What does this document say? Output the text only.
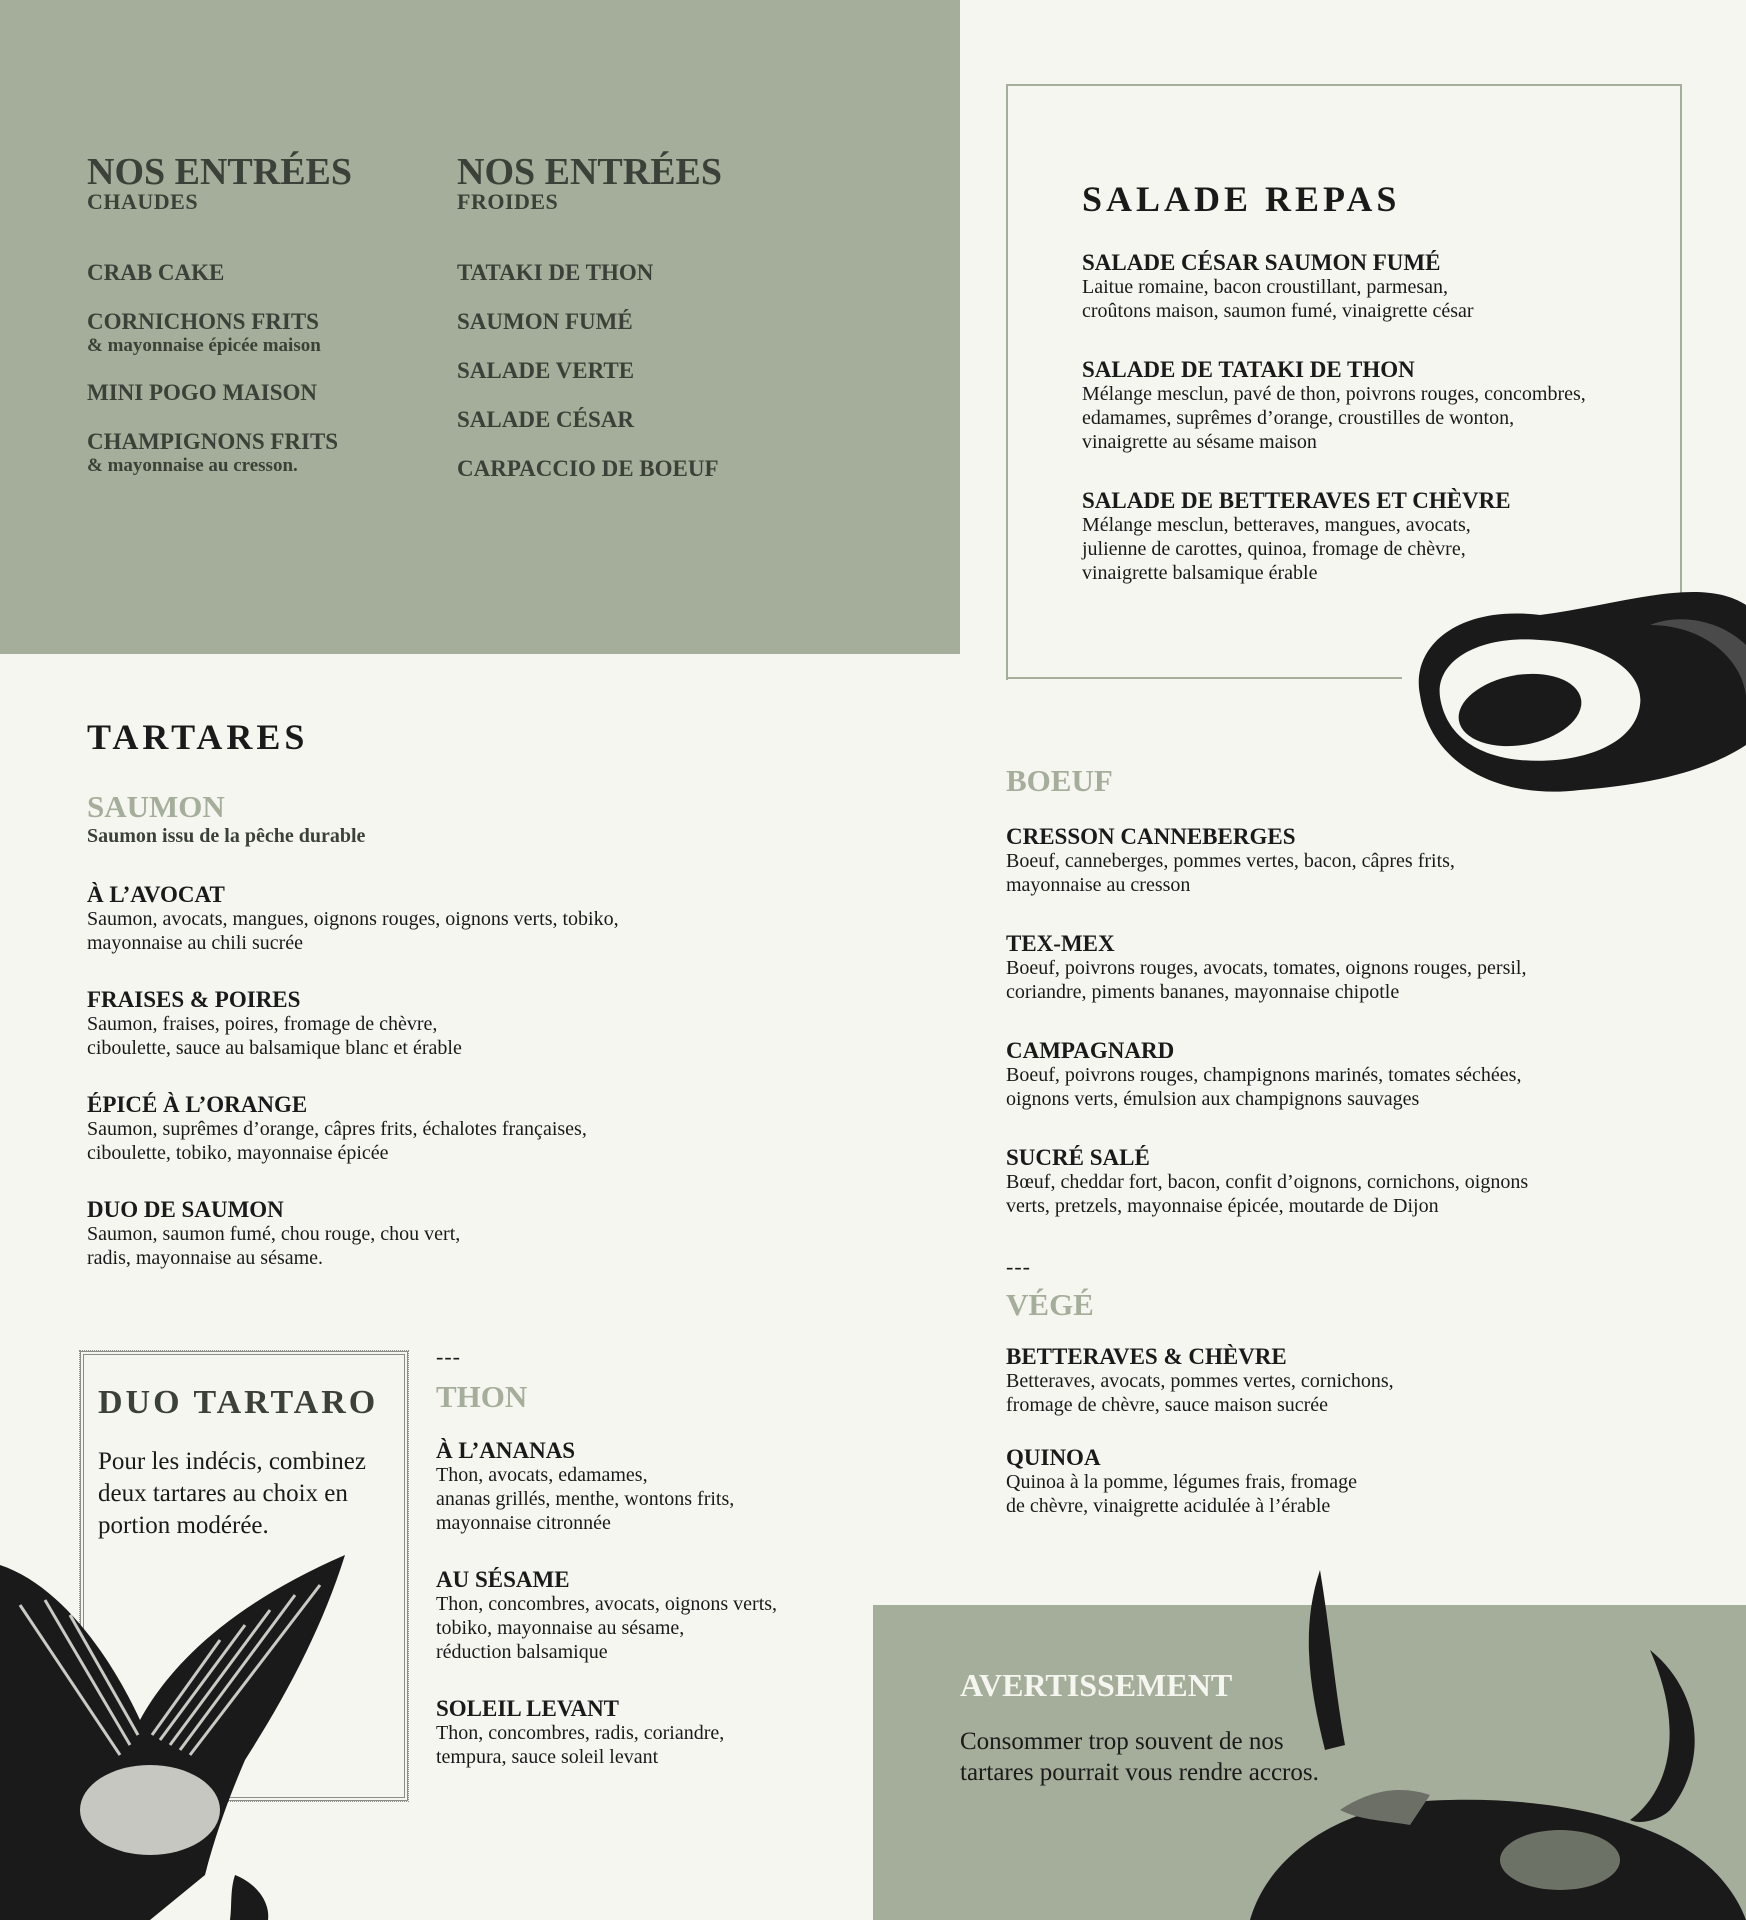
NOS ENTRÉES
CHAUDES
CRAB CAKE
CORNICHONS FRITS
& mayonnaise épicée maison
MINI POGO MAISON
CHAMPIGNONS FRITS
& mayonnaise au cresson.
NOS ENTRÉES
FROIDES
TATAKI DE THON
SAUMON FUMÉ
SALADE VERTE
SALADE CÉSAR
CARPACCIO DE BOEUF
SALADE REPAS
SALADE CÉSAR SAUMON FUMÉ
Laitue romaine, bacon croustillant, parmesan,
croûtons maison, saumon fumé, vinaigrette césar
SALADE DE TATAKI DE THON
Mélange mesclun, pavé de thon, poivrons rouges, concombres,
edamames, suprêmes d’orange, croustilles de wonton,
vinaigrette au sésame maison
SALADE DE BETTERAVES ET CHÈVRE
Mélange mesclun, betteraves, mangues, avocats,
julienne de carottes, quinoa, fromage de chèvre,
vinaigrette balsamique érable
TARTARES
SAUMON
Saumon issu de la pêche durable
À L’AVOCAT
Saumon, avocats, mangues, oignons rouges, oignons verts, tobiko,
mayonnaise au chili sucrée
FRAISES & POIRES
Saumon, fraises, poires, fromage de chèvre,
ciboulette, sauce au balsamique blanc et érable
ÉPICÉ À L’ORANGE
Saumon, suprêmes d’orange, câpres frits, échalotes françaises,
ciboulette, tobiko, mayonnaise épicée
DUO DE SAUMON
Saumon, saumon fumé, chou rouge, chou vert,
radis, mayonnaise au sésame.
DUO TARTARO
Pour les indécis, combinez
deux tartares au choix en
portion modérée.
---
THON
À L’ANANAS
Thon, avocats, edamames,
ananas grillés, menthe, wontons frits,
mayonnaise citronnée
AU SÉSAME
Thon, concombres, avocats, oignons verts,
tobiko, mayonnaise au sésame,
réduction balsamique
SOLEIL LEVANT
Thon, concombres, radis, coriandre,
tempura, sauce soleil levant
BOEUF
CRESSON CANNEBERGES
Boeuf, canneberges, pommes vertes, bacon, câpres frits,
mayonnaise au cresson
TEX-MEX
Boeuf, poivrons rouges, avocats, tomates, oignons rouges, persil,
coriandre, piments bananes, mayonnaise chipotle
CAMPAGNARD
Boeuf, poivrons rouges, champignons marinés, tomates séchées,
oignons verts, émulsion aux champignons sauvages
SUCRÉ SALÉ
Bœuf, cheddar fort, bacon, confit d’oignons, cornichons, oignons
verts, pretzels, mayonnaise épicée, moutarde de Dijon
---
VÉGÉ
BETTERAVES & CHÈVRE
Betteraves, avocats, pommes vertes, cornichons,
fromage de chèvre, sauce maison sucrée
QUINOA
Quinoa à la pomme, légumes frais, fromage
de chèvre, vinaigrette acidulée à l’érable
AVERTISSEMENT
Consommer trop souvent de nos
tartares pourrait vous rendre accros.
